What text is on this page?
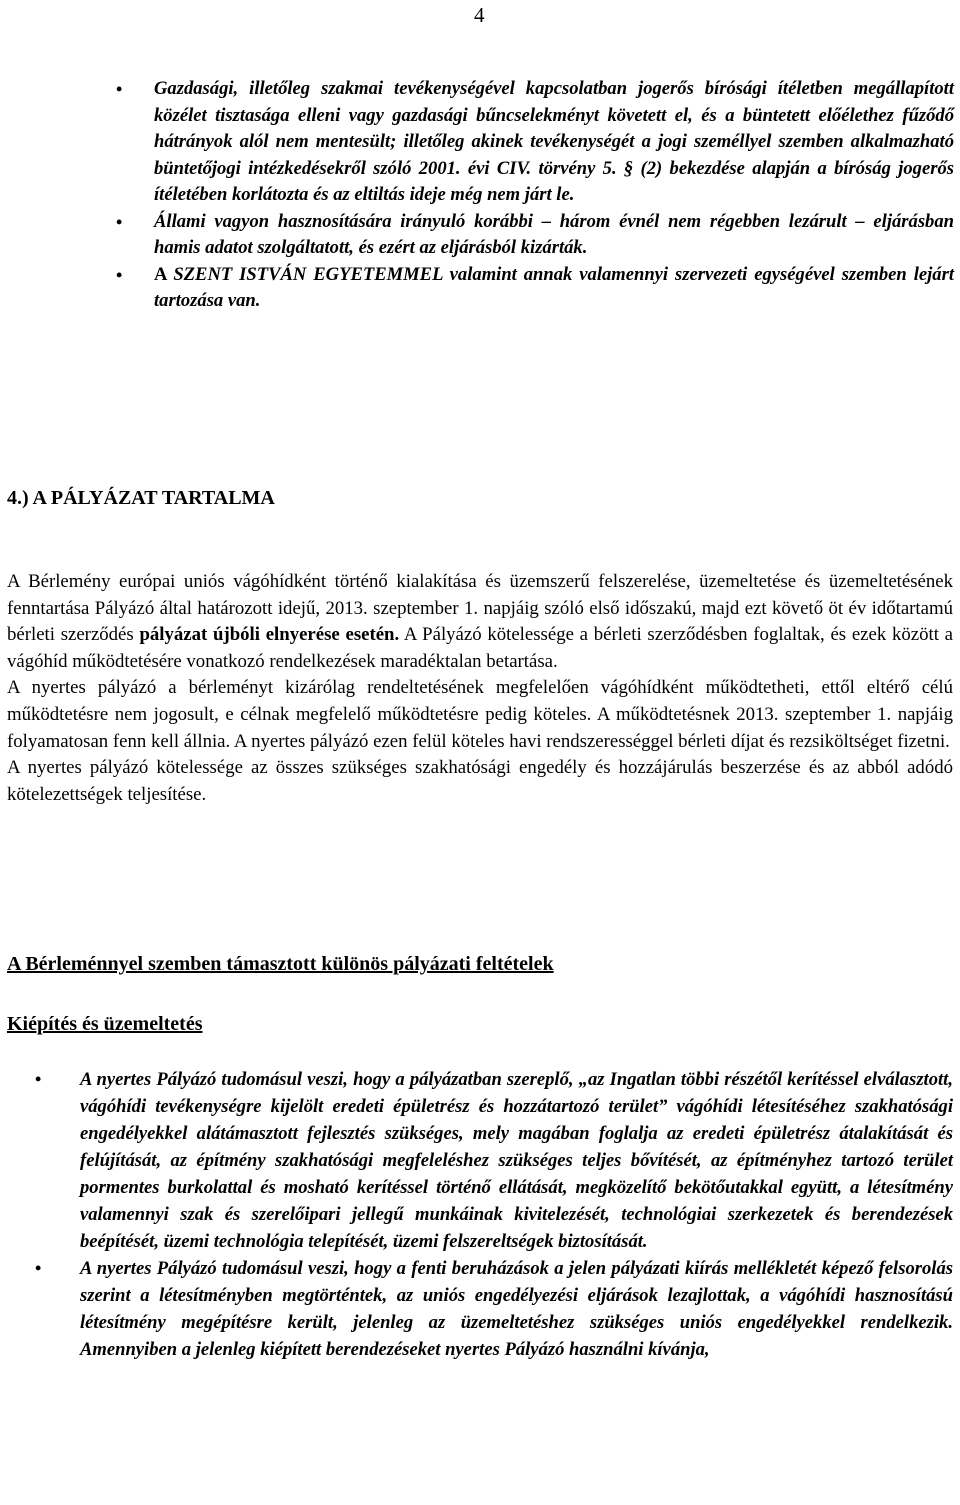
4
• Gazdasági, illetőleg szakmai tevékenységével kapcsolatban jogerős bírósági ítéletben megállapított közélet tisztasága elleni vagy gazdasági bűncselekményt követett el, és a büntetett előélethez fűződő hátrányok alól nem mentesült; illetőleg akinek tevékenységét a jogi személlyel szemben alkalmazható büntetőjogi intézkedésekről szóló 2001. évi CIV. törvény 5. § (2) bekezdése alapján a bíróság jogerős ítéletében korlátozta és az eltiltás ideje még nem járt le.
• Állami vagyon hasznosítására irányuló korábbi – három évnél nem régebben lezárult – eljárásban hamis adatot szolgáltatott, és ezért az eljárásból kizárták.
• A SZENT ISTVÁN EGYETEMMEL valamint annak valamennyi szervezeti egységével szemben lejárt tartozása van.
4.) A PÁLYÁZAT TARTALMA

A Bérlemény európai uniós vágóhídként történő kialakítása és üzemszerű felszerelése, üzemeltetése és üzemeltetésének fenntartása Pályázó által határozott idejű, 2013. szeptember 1. napjáig szóló első időszakú, majd ezt követő öt év időtartamú bérleti szerződés pályázat újbóli elnyerése esetén. A Pályázó kötelessége a bérleti szerződésben foglaltak, és ezek között a vágóhíd működtetésére vonatkozó rendelkezések maradéktalan betartása.

A nyertes pályázó a bérleményt kizárólag rendeltetésének megfelelően vágóhídként működtetheti, ettől eltérő célú működtetésre nem jogosult, e célnak megfelelő működtetésre pedig köteles. A működtetésnek 2013. szeptember 1. napjáig folyamatosan fenn kell állnia. A nyertes pályázó ezen felül köteles havi rendszerességgel bérleti díjat és rezsiköltséget fizetni.

A nyertes pályázó kötelessége az összes szükséges szakhatósági engedély és hozzájárulás beszerzése és az abból adódó kötelezettségek teljesítése.

A Bérleménnyel szemben támasztott különös pályázati feltételek
Kiépítés és üzemeltetés
• A nyertes Pályázó tudomásul veszi, hogy a pályázatban szereplő, „az Ingatlan többi részétől kerítéssel elválasztott, vágóhídi tevékenységre kijelölt eredeti épületrész és hozzátartozó terület” vágóhídi létesítéséhez szakhatósági engedélyekkel alátámasztott fejlesztés szükséges, mely magában foglalja az eredeti épületrész átalakítását és felújítását, az építmény szakhatósági megfeleléshez szükséges teljes bővítését, az építményhez tartozó terület pormentes burkolattal és mosható kerítéssel történő ellátását, megközelítő bekötőutakkal együtt, a létesítmény valamennyi szak és szerelőipari jellegű munkáinak kivitelezését, technológiai szerkezetek és berendezések beépítését, üzemi technológia telepítését, üzemi felszereltségek biztosítását.
• A nyertes Pályázó tudomásul veszi, hogy a fenti beruházások a jelen pályázati kiírás mellékletét képező felsorolás szerint a létesítményben megtörténtek, az uniós engedélyezési eljárások lezajlottak, a vágóhídi hasznosítású létesítmény megépítésre került, jelenleg az üzemeltetéshez szükséges uniós engedélyekkel rendelkezik. Amennyiben a jelenleg kiépített berendezéseket nyertes Pályázó használni kívánja,
